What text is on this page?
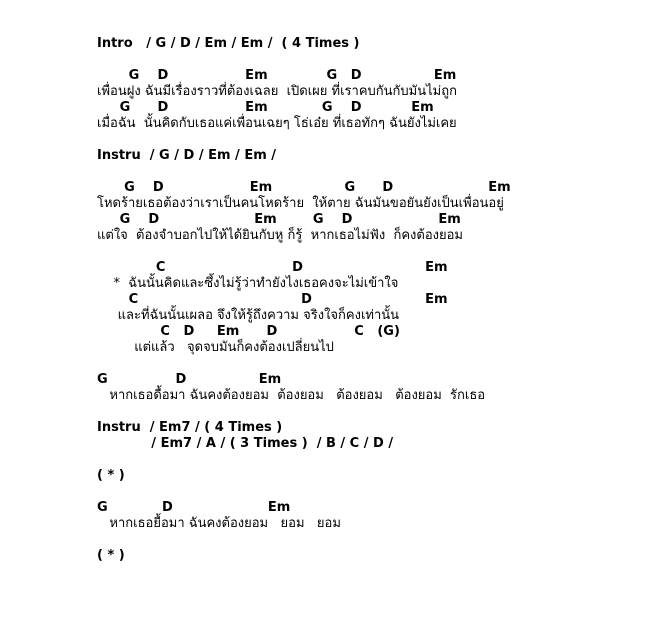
Intro   / G / D / Em / Em /  ( 4 Times )
G    D                 Em             G   D                Em
เพื่อนฝูง ฉันมีเรื่องราวที่ต้องเฉลย  เปิดเผย ที่เราคบกันกับมันไม่ถูก
G      D                 Em            G    D           Em
เมื่อฉัน  นั้นคิดกับเธอแค่เพื่อนเฉยๆ โธ่เอ๋ย ที่เธอทักๆ ฉันยังไม่เคย
Instru  / G / D / Em / Em /
G    D                   Em                G      D                     Em
โหดร้ายเธอต้องว่าเราเป็นคนโหดร้าย  ให้ตาย ฉันมันขอยันยังเป็นเพื่อนอยู่
G    D                     Em        G    D                   Em
แต่ใจ  ต้องจำบอกไปให้ได้ยินกับหู ก็รู้  หากเธอไม่ฟัง  ก็คงต้องยอม
C                            D                           Em
*  ฉันนั้นคิดและซึ้งไม่รู้ว่าทำยังไงเธอคงจะไม่เข้าใจ
C                                    D                         Em
และที่ฉันนั้นเผลอ จึงให้รู้ถึงความ จริงใจก็คงเท่านั้น
C   D     Em      D                 C   (G)
แต่แล้ว   จุดจบมันก็คงต้องเปลี่ยนไป
G               D                Em
หากเธอดื้อมา ฉันคงต้องยอม  ต้องยอม   ต้องยอม   ต้องยอม  รักเธอ
Instru  / Em7 / ( 4 Times )
/ Em7 / A / ( 3 Times )  / B / C / D /
( * )
G            D                     Em
หากเธอยื้อมา ฉันคงต้องยอม   ยอม   ยอม
( * )
